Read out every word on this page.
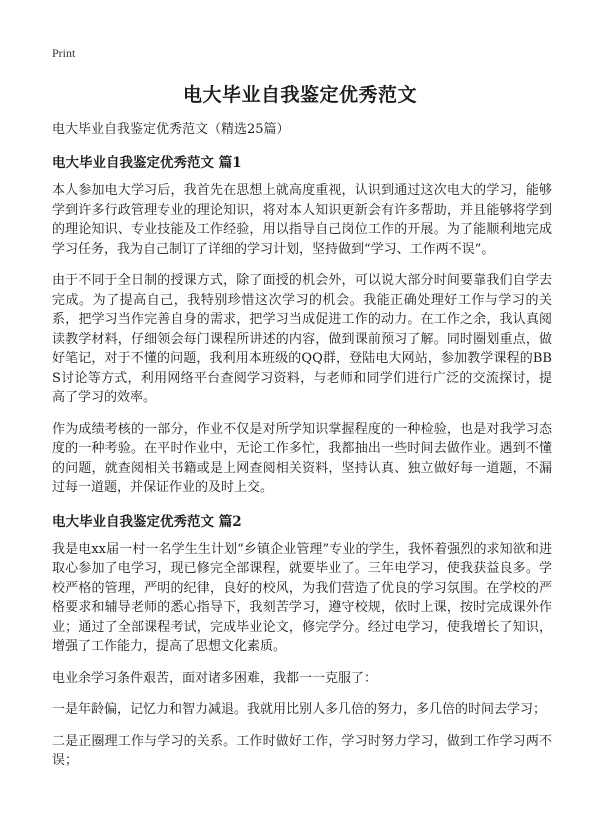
Print
电大毕业自我鉴定优秀范文

电大毕业自我鉴定优秀范文（精选25篇）

电大毕业自我鉴定优秀范文 篇1

本人参加电大学习后，我首先在思想上就高度重视，认识到通过这次电大的学习，能够学到许多行政管理专业的理论知识，将对本人知识更新会有许多帮助，并且能够将学到的理论知识、专业技能及工作经验，用以指导自己岗位工作的开展。为了能顺利地完成学习任务，我为自己制订了详细的学习计划，坚持做到“学习、工作两不误”。

由于不同于全日制的授课方式，除了面授的机会外，可以说大部分时间要靠我们自学去完成。为了提高自己，我特别珍惜这次学习的机会。我能正确处理好工作与学习的关系，把学习当作完善自身的需求，把学习当成促进工作的动力。在工作之余，我认真阅读教学材料，仔细领会每门课程所讲述的内容，做到课前预习了解。同时圈划重点，做好笔记，对于不懂的问题，我利用本班级的QQ群，登陆电大网站，参加教学课程的BBS讨论等方式，利用网络平台查阅学习资料，与老师和同学们进行广泛的交流探讨，提高了学习的效率。

作为成绩考核的一部分，作业不仅是对所学知识掌握程度的一种检验，也是对我学习态度的一种考验。在平时作业中，无论工作多忙，我都抽出一些时间去做作业。遇到不懂的问题，就查阅相关书籍或是上网查阅相关资料，坚持认真、独立做好每一道题，不漏过每一道题，并保证作业的及时上交。

电大毕业自我鉴定优秀范文 篇2

我是电xx届一村一名学生生计划“乡镇企业管理”专业的学生，我怀着强烈的求知欲和进取心参加了电学习，现已修完全部课程，就要毕业了。三年电学习，使我获益良多。学校严格的管理，严明的纪律，良好的校风，为我们营造了优良的学习氛围。在学校的严格要求和辅导老师的悉心指导下，我刻苦学习，遵守校规，依时上课，按时完成课外作业；通过了全部课程考试，完成毕业论文，修完学分。经过电学习，使我增长了知识，增强了工作能力，提高了思想文化素质。

电业余学习条件艰苦，面对诸多困难，我都一一克服了：

一是年龄偏，记忆力和智力减退。我就用比别人多几倍的努力，多几倍的时间去学习；

二是正圈理工作与学习的关系。工作时做好工作，学习时努力学习，做到工作学习两不误；
